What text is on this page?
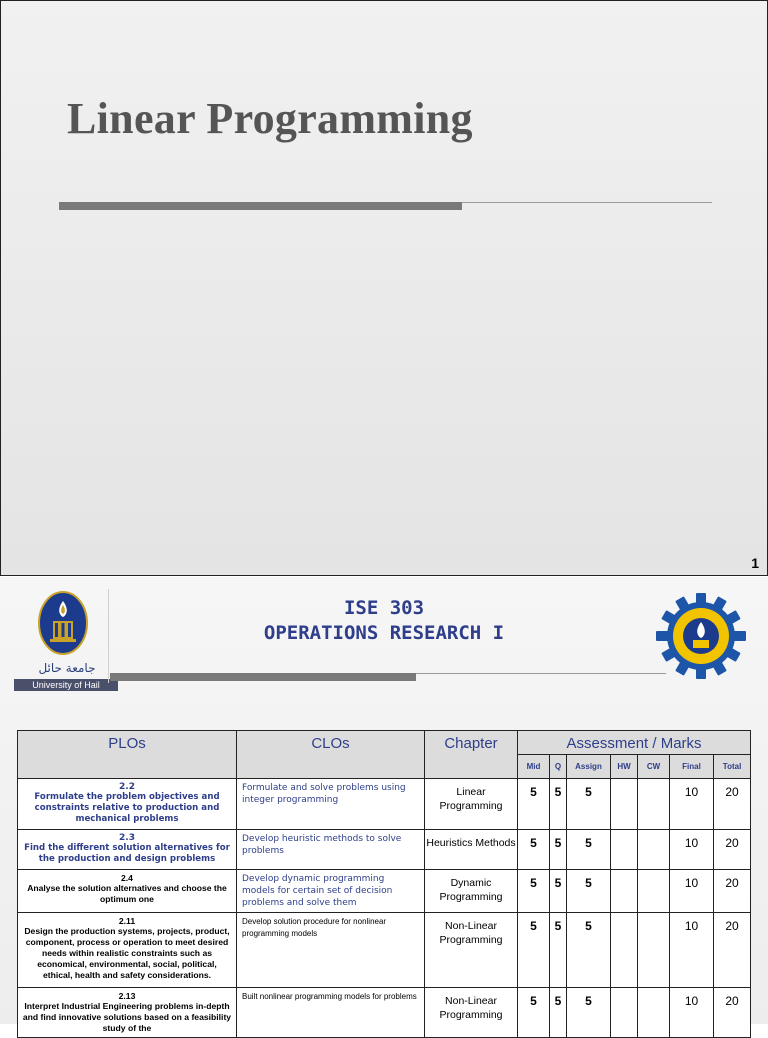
Linear Programming
1
جامعة حائل
University of Hail
ISE 303
OPERATIONS RESEARCH I
PLOs	CLOs	Chapter	Assessment / Marks						
			Mid	Q	Assign	HW	CW	Final	Total

2.2
Formulate the problem objectives and constraints relative to production and mechanical problems	Formulate and solve problems using integer programming	Linear Programming	5	5	5			10	20

2.3
Find the different solution alternatives for the production and design problems	Develop heuristic methods to solve problems	Heuristics Methods	5	5	5			10	20

2.4
Analyse the solution alternatives and choose the optimum one	Develop dynamic programming models for certain set of decision problems and solve them	Dynamic Programming	5	5	5			10	20

2.11
Design the production systems, projects, product, component, process or operation to meet desired needs within realistic constraints such as economical, environmental, social, political, ethical, health and safety considerations.	Develop solution procedure for nonlinear programming models	Non-Linear Programming	5	5	5			10	20

2.13
Interpret Industrial Engineering problems in-depth and find innovative solutions based on a feasibility study of the	Built nonlinear programming models for problems	Non-Linear Programming	5	5	5			10	20
